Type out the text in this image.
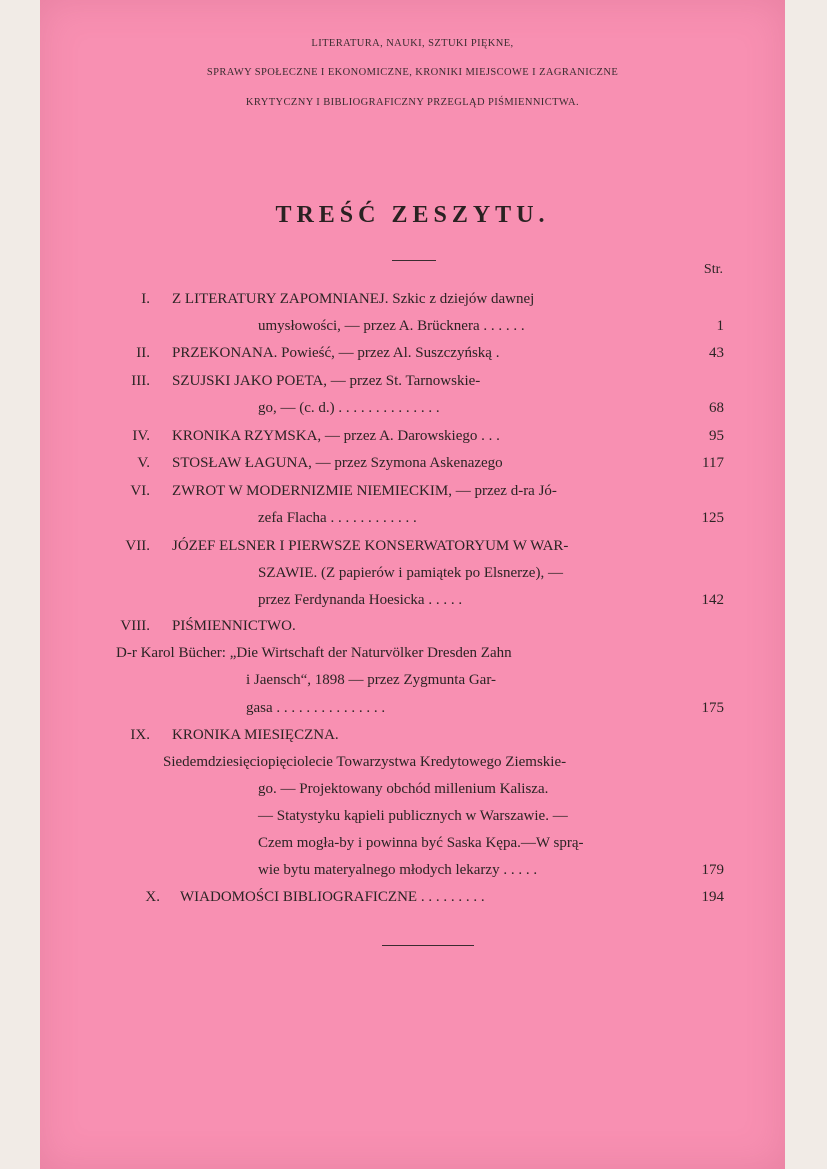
LITERATURA, NAUKI, SZTUKI PIĘKNE,
SPRAWY SPOŁECZNE I EKONOMICZNE, KRONIKI MIEJSCOWE I ZAGRANICZNE
KRYTYCZNY I BIBLIOGRAFICZNY PRZEGLĄD PIŚMIENNICTWA.
TREŚĆ ZESZYTU.
Str.
I. Z LITERATURY ZAPOMNIANEJ. Szkic z dziejów dawnej
umysłowości, — przez A. Brücknera . . . . . .	1
II. PRZEKONANA. Powieść, — przez Al. Suszczyńską .	43
III. SZUJSKI JAKO POETA, — przez St. Tarnowskie-
go, — (c. d.) . . . . . . . . . . . . . .	68
IV. KRONIKA RZYMSKA, — przez A. Darowskiego . . .	95
V. STOSŁAW ŁAGUNA, — przez Szymona Askenazego	117
VI. ZWROT W MODERNIZMIE NIEMIECKIM, — przez d-ra Jó-
zefa Flacha . . . . . . . . . . . .	125
VII. JÓZEF ELSNER I PIERWSZE KONSERWATORYUM W WAR-
SZAWIE. (Z papierów i pamiątek po Elsnerze), —
przez Ferdynanda Hoesicka . . . . .	142
VIII. PIŚMIENNICTWO.
D-r Karol Bücher: „Die Wirtschaft der Naturvölker Dresden Zahn
i Jaensch“, 1898 — przez Zygmunta Gar-
gasa . . . . . . . . . . . . . . .	175
IX. KRONIKA MIESIĘCZNA.
Siedemdziesięciopięciolecie Towarzystwa Kredytowego Ziemskie-
go. — Projektowany obchód millenium Kalisza.
— Statystyku kąpieli publicznych w Warszawie. —
Czem mogła-by i powinna być Saska Kępa.—W sprą-
wie bytu materyalnego młodych lekarzy . . . . .	179
X. WIADOMOŚCI BIBLIOGRAFICZNE . . . . . . . . .	194
